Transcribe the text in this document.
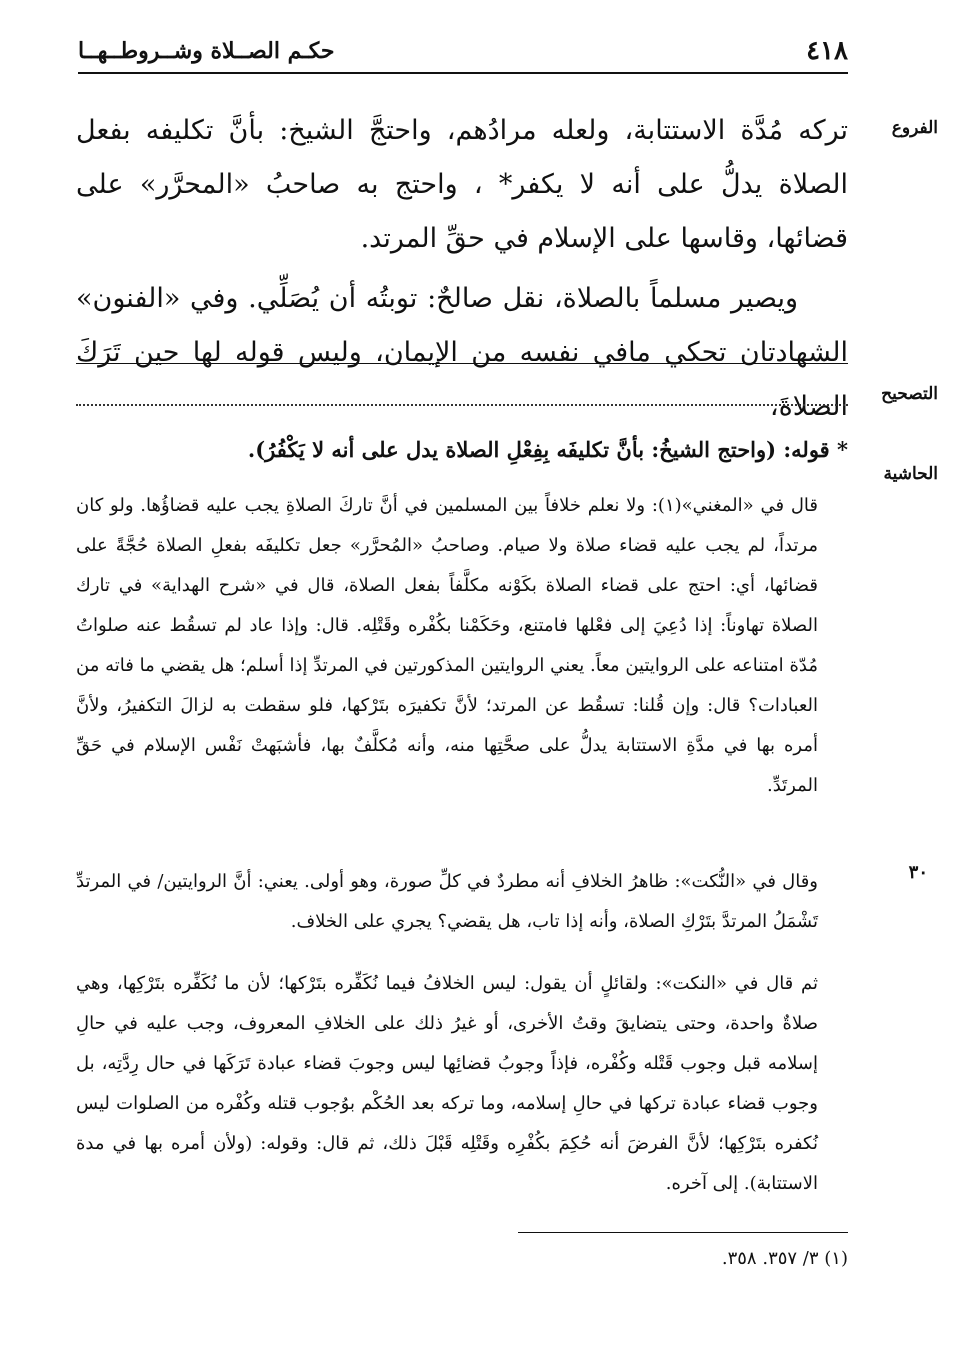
٤١٨
حكـم الصــلاة وشــروطــهــا
الفروع
التصحيح
الحاشية
٣٠

تركه مُدَّة الاستتابة، ولعله مرادُهم، واحتجَّ الشيخ: بأنَّ تكليفه بفعل الصلاة يدلُّ على أنه لا يكفر* ، واحتج به صاحبُ «المحرَّر» على قضائها، وقاسها على الإسلام في حقِّ المرتد.

ويصير مسلماً بالصلاة، نقل صالحٌ: توبتُه أن يُصَلِّي. وفي «الفنون» الشهادتان تحكي مافي نفسه من الإيمان، وليس قوله لها حين تَرَكَ الصلاةَ،

* قوله: (واحتج الشيخُ: بأنَّ تكليفَه بِفِعْلِ الصلاة يدل على أنه لا يَكْفُرُ).

قال في «المغني»(١): ولا نعلم خلافاً بين المسلمين في أنَّ تاركَ الصلاةِ يجب عليه قضاؤُها. ولو كان مرتداً، لم يجب عليه قضاء صلاة ولا صيام. وصاحبُ «المُحرَّر» جعل تكليفَه بفعلِ الصلاة حُجَّةً على قضائها، أي: احتج على قضاء الصلاة بكَوْنه مكلَّفاً بفعل الصلاة، قال في «شرح الهداية» في تارك الصلاة تهاوناً: إذا دُعِيَ إلى فعْلها فامتنع، وحَكَمْنا بكُفْره وقَتْلِه. قال: وإذا عاد لم تسقُط عنه صلواتُ مُدّة امتناعه على الروايتين معاً. يعني الروايتين المذكورتين في المرتدِّ إذا أسلم؛ هل يقضي ما فاته من العبادات؟ قال: وإن قُلنا: تسقُط عن المرتد؛ لأنَّ تكفيرَه بتَرْكها، فلو سقطت به لزالَ التكفيرُ، ولأنَّ أمره بها في مدَّةِ الاستتابة يدلُّ على صحَّتِها منه، وأنه مُكلَّفٌ بها، فأشبَهتْ نَفْس الإسلام في حَقِّ المرتَدِّ.

وقال في «النُّكت»: ظاهرُ الخلافِ أنه مطردٌ في كلِّ صورة، وهو أولى. يعني: أنَّ الروايتين/ في المرتدِّ تَشْمَلُ المرتدَّ بتَرْكِ الصلاة، وأنه إذا تاب، هل يقضي؟ يجري على الخلاف.

ثم قال في «النكت»: ولقائلٍ أن يقول: ليس الخلافُ فيما نُكَفِّره بتَرْكها؛ لأن ما نُكَفِّره بتَرْكِها، وهي صلاةٌ واحدة، وحتى يتضايقَ وقتُ الأخرى، أو غيرُ ذلك على الخلافِ المعروف، وجب عليه في حالِ إسلامه قبل وجوب قَتْله وكُفْره، فإذاً وجوبُ قضائِها ليس وجوبَ قضاء عبادة تَرَكَها في حال رِدَّتِه، بل وجوب قضاء عبادة تركها في حالِ إسلامه، وما تركه بعد الحُكْم بوُجوب قتله وكُفْره من الصلوات ليس نُكفره بتَرْكِها؛ لأنَّ الفرضَ أنه حُكِمَ بكُفْرِه وقَتْلِه قَبْلَ ذلك، ثم قال: وقوله: (ولأن أمره بها في مدة الاستتابة). إلى آخره.

(١) ٣/ ٣٥٧. ٣٥٨.
